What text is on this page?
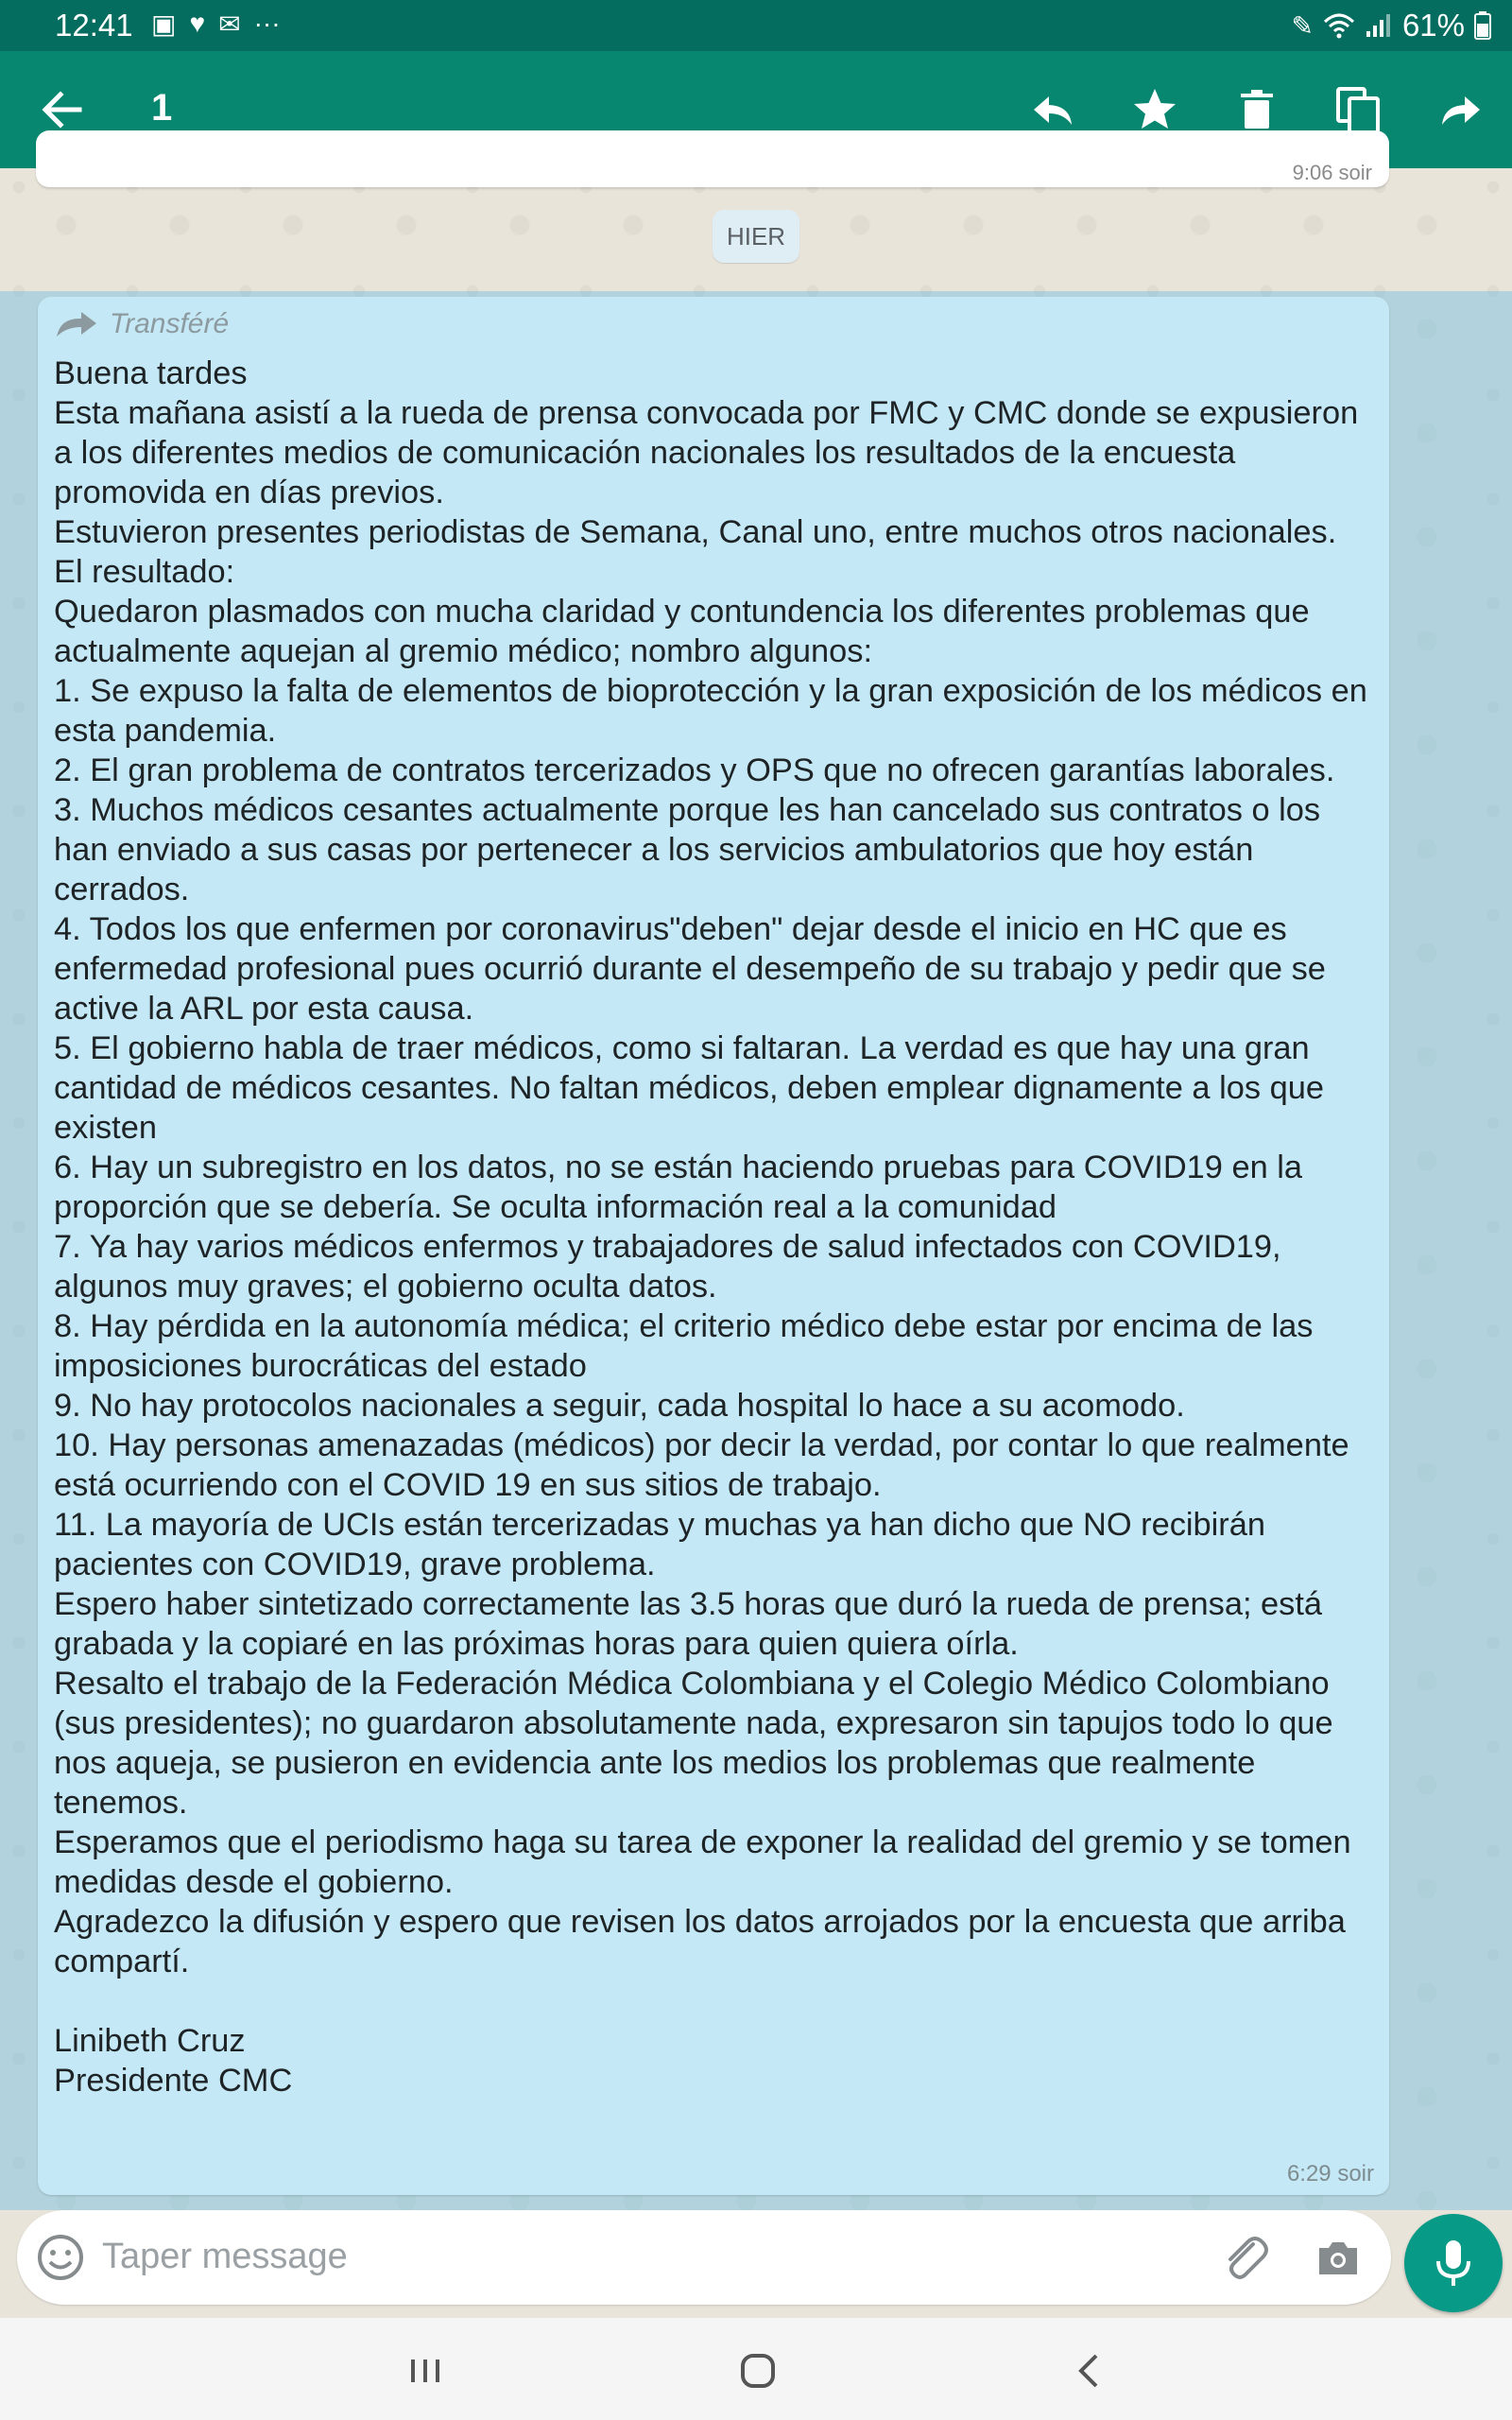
12:41 ▣ ♥ ✉ ···	✎	61%
1
9:06 soir
HIER
Transféré
Buena tardes
Esta mañana asistí a la rueda de prensa convocada por FMC y CMC donde se expusieron a los diferentes medios de comunicación nacionales los resultados de la encuesta promovida en días previos.
Estuvieron presentes periodistas de Semana, Canal uno, entre muchos otros nacionales.
El resultado:
Quedaron plasmados con mucha claridad y contundencia los diferentes problemas que actualmente aquejan al gremio médico; nombro algunos:
1. Se expuso la falta de elementos de bioprotección y la gran exposición de los médicos en esta pandemia.
2. El gran problema de contratos tercerizados y OPS que no ofrecen garantías laborales.
3. Muchos médicos cesantes actualmente porque les han cancelado sus contratos o los han enviado a sus casas por pertenecer a los servicios ambulatorios que hoy están cerrados.
4. Todos los que enfermen por coronavirus"deben" dejar desde el inicio en HC que es enfermedad profesional pues ocurrió durante el desempeño de su trabajo y pedir que se active la ARL por esta causa.
5. El gobierno habla de traer médicos, como si faltaran. La verdad es que hay una gran cantidad de médicos cesantes. No faltan médicos, deben emplear dignamente a los que existen
6. Hay un subregistro en los datos, no se están haciendo pruebas para COVID19 en la proporción que se debería. Se oculta información real a la comunidad
7. Ya hay varios médicos enfermos y trabajadores de salud infectados con COVID19, algunos muy graves; el gobierno oculta datos.
8. Hay pérdida en la autonomía médica; el criterio médico debe estar por encima de las imposiciones burocráticas del estado
9. No hay protocolos nacionales a seguir, cada hospital lo hace a su acomodo.
10. Hay personas amenazadas (médicos) por decir la verdad, por contar lo que realmente está ocurriendo con el COVID 19 en sus sitios de trabajo.
11. La mayoría de UCIs están tercerizadas y muchas ya han dicho que NO recibirán pacientes con COVID19, grave problema.
Espero haber sintetizado correctamente las 3.5 horas que duró la rueda de prensa; está grabada y la copiaré en las próximas horas para quien quiera oírla.
Resalto el trabajo de la Federación Médica Colombiana y el Colegio Médico Colombiano (sus presidentes); no guardaron absolutamente nada, expresaron sin tapujos todo lo que nos aqueja, se pusieron en evidencia ante los medios los problemas que realmente tenemos.
Esperamos que el periodismo haga su tarea de exponer la realidad del gremio y se tomen medidas desde el gobierno.
Agradezco la difusión y espero que revisen los datos arrojados por la encuesta que arriba compartí.

Linibeth Cruz
Presidente CMC
6:29 soir
Taper message
